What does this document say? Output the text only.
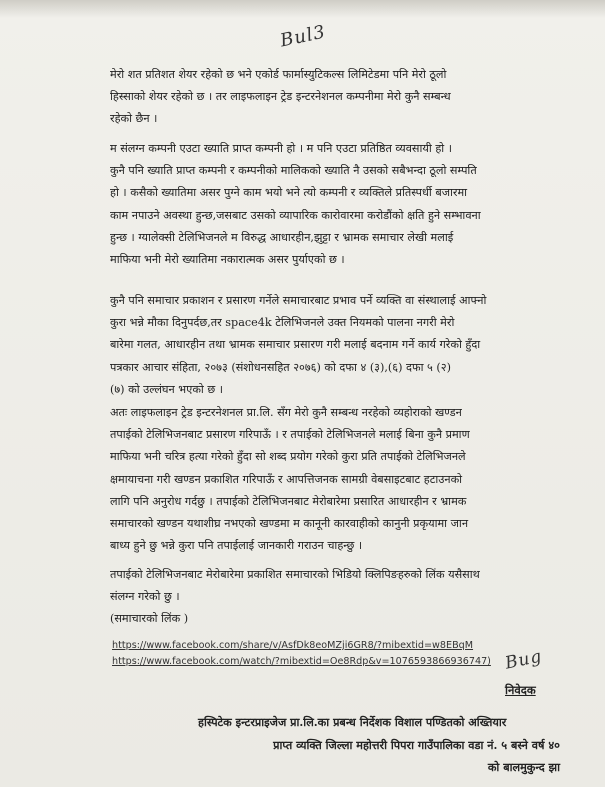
Bul3
मेरो शत प्रतिशत शेयर रहेको छ भने एकोर्ड फार्मास्युटिकल्स लिमिटेडमा पनि मेरो ठूलो
हिस्साको शेयर रहेको छ । तर लाइफलाइन ट्रेड इन्टरनेशनल कम्पनीमा मेरो कुनै सम्बन्ध
रहेको छैन ।
म संलग्न कम्पनी एउटा ख्याति प्राप्त कम्पनी हो । म पनि एउटा प्रतिष्ठित व्यवसायी हो ।
कुनै पनि ख्याति प्राप्त कम्पनी र कम्पनीको मालिकको ख्याति नै उसको सबैभन्दा ठूलो सम्पति
हो । कसैको ख्यातिमा असर पुग्ने काम भयो भने त्यो कम्पनी र व्यक्तिले प्रतिस्पर्धी बजारमा
काम नपाउने अवस्था हुन्छ,जसबाट उसको व्यापारिक कारोवारमा करोडौंको क्षति हुने सम्भावना
हुन्छ । ग्यालेक्सी टेलिभिजनले म विरुद्ध आधारहीन,झुट्टा र भ्रामक समाचार लेखी मलाई
माफिया भनी मेरो ख्यातिमा नकारात्मक असर पुर्याएको छ ।
कुनै पनि समाचार प्रकाशन र प्रसारण गर्नेले समाचारबाट प्रभाव पर्ने व्यक्ति वा संस्थालाई आफ्नो
कुरा भन्ने मौका दिनुपर्दछ,तर space4k टेलिभिजनले उक्त नियमको पालना नगरी मेरो
बारेमा गलत, आधारहीन तथा भ्रामक समाचार प्रसारण गरी मलाई बदनाम गर्ने कार्य गरेको हुँदा
पत्रकार आचार संहिता, २०७३ (संशोधनसहित २०७६) को दफा ४ (३),(६) दफा ५ (२)
(७) को उल्लंघन भएको छ ।
अतः लाइफलाइन ट्रेड इन्टरनेशनल प्रा.लि. सँग मेरो कुनै सम्बन्ध नरहेको व्यहोराको खण्डन
तपाईको टेलिभिजनबाट प्रसारण गरिपाऊँ । र तपाईको टेलिभिजनले मलाई बिना कुनै प्रमाण
माफिया भनी चरित्र हत्या गरेको हुँदा सो शब्द प्रयोग गरेको कुरा प्रति तपाईको टेलिभिजनले
क्षमायाचना गरी खण्डन प्रकाशित गरिपाऊँ र आपत्तिजनक सामग्री वेबसाइटबाट हटाउनको
लागि पनि अनुरोध गर्दछु । तपाईको टेलिभिजनबाट मेरोबारेमा प्रसारित आधारहीन र भ्रामक
समाचारको खण्डन यथाशीघ्र नभएको खण्डमा म कानूनी कारवाहीको कानुनी प्रकृयामा जान
बाध्य हुने छु भन्ने कुरा पनि तपाईलाई जानकारी गराउन चाहन्छु ।
तपाईको टेलिभिजनबाट मेरोबारेमा प्रकाशित समाचारको भिडियो क्लिपिङहरुको लिंक यसैसाथ
संलग्न गरेको छु ।
(समाचारको लिंक )
https://www.facebook.com/share/v/AsfDk8eoMZji6GR8/?mibextid=w8EBqM
https://www.facebook.com/watch/?mibextid=Oe8Rdp&v=1076593866936747) Bug
निवेदक
हस्पिटेक इन्टरप्राइजेज प्रा.लि.का प्रबन्ध निर्देशक विशाल पण्डितको अख्तियार
प्राप्त व्यक्ति जिल्ला महोत्तरी पिपरा गाउँपालिका वडा नं. ५ बस्ने वर्ष ४०
को बालमुकुन्द झा
